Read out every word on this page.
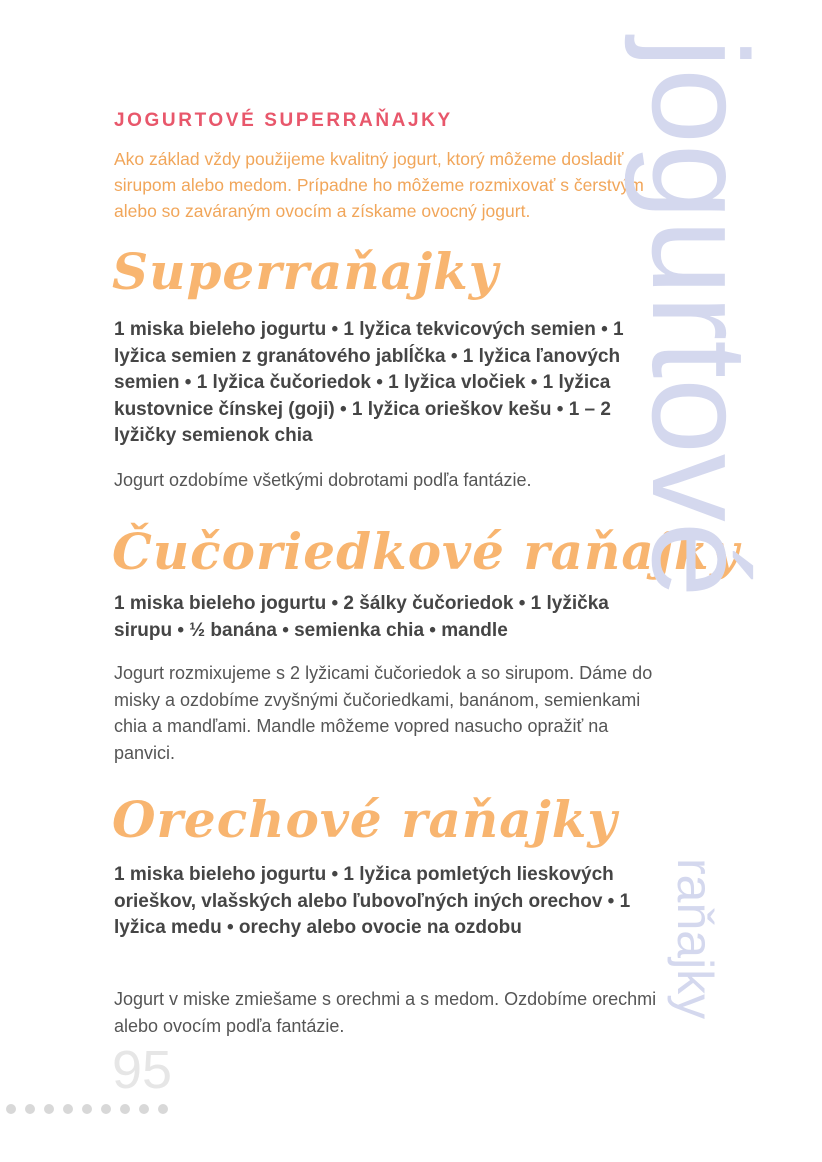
JOGURTOVÉ SUPERRAŇAJKY

Ako základ vždy použijeme kvalitný jogurt, ktorý môžeme dosladiť sirupom alebo medom. Prípadne ho môžeme rozmixovať s čerstvým alebo so zaváraným ovocím a získame ovocný jogurt.

Superraňajky

1 miska bieleho jogurtu • 1 lyžica tekvicových semien • 1 lyžica semien z granátového jablĺčka • 1 lyžica ľanových semien • 1 lyžica čučoriedok • 1 lyžica vločiek • 1 lyžica kustovnice čínskej (goji) • 1 lyžica orieškov kešu • 1 – 2 lyžičky semienok chia

Jogurt ozdobíme všetkými dobrotami podľa fantázie.

Čučoriedkové raňajky

1 miska bieleho jogurtu • 2 šálky čučoriedok • 1 lyžička sirupu • ½ banána • semienka chia • mandle

Jogurt rozmixujeme s 2 lyžicami čučoriedok a so sirupom. Dáme do misky a ozdobíme zvyšnými čučoriedkami, banánom, semienkami chia a mandľami. Mandle môžeme vopred nasucho opražiť na panvici.

Orechové raňajky

1 miska bieleho jogurtu • 1 lyžica pomletých lieskových orieškov, vlašských alebo ľubovoľných iných orechov • 1 lyžica medu • orechy alebo ovocie na ozdobu

Jogurt v miske zmiešame s orechmi a s medom. Ozdobíme orechmi alebo ovocím podľa fantázie.

jogurtové
raňajky

95
